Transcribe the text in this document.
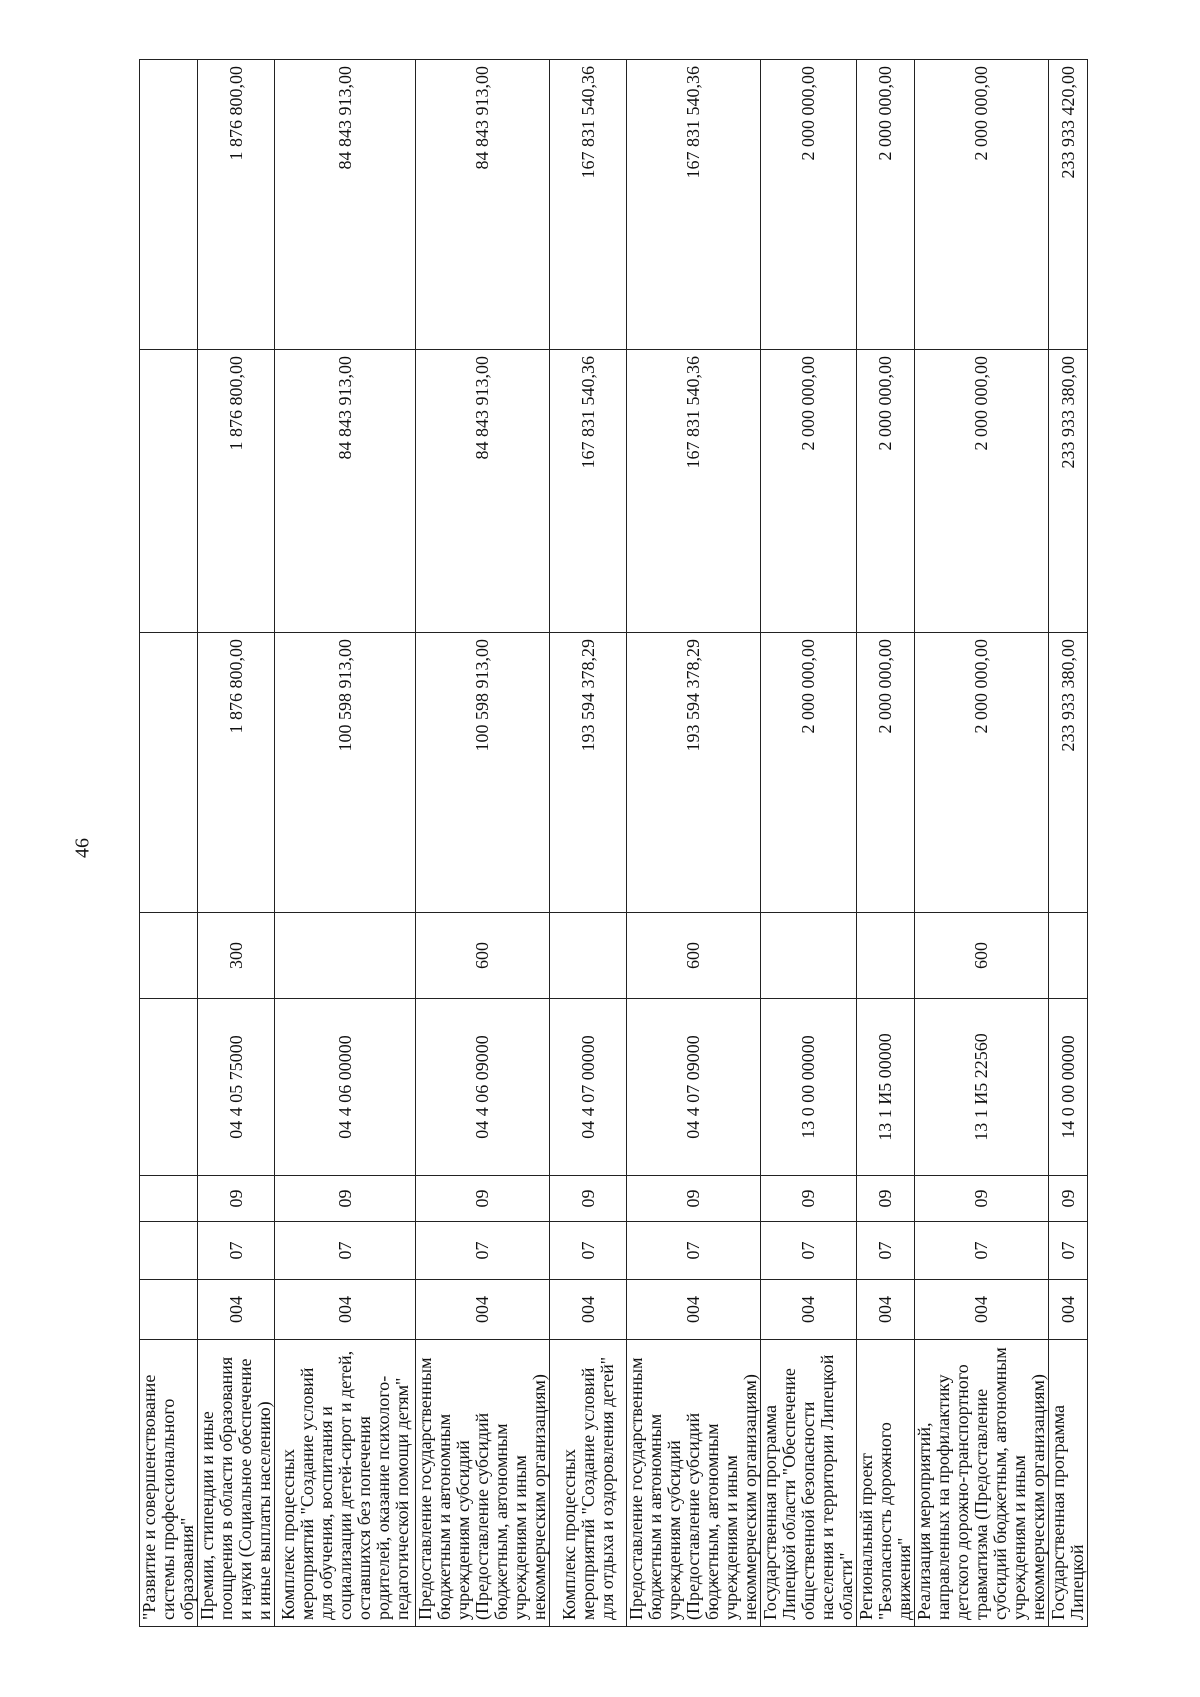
46
"Развитие и совершенствование системы профессионального образования"								
Премии, стипендии и иные поощрения в области образования и науки (Социальное обеспечение и иные выплаты населению)	004	07	09	04 4 05 75000	300	1 876 800,00	1 876 800,00	1 876 800,00
Комплекс процессных мероприятий "Создание условий для обучения, воспитания и социализации детей-сирот и детей, оставшихся без попечения родителей, оказание психолого-педагогической помощи детям"	004	07	09	04 4 06 00000		100 598 913,00	84 843 913,00	84 843 913,00
Предоставление государственным бюджетным и автономным учреждениям субсидий (Предоставление субсидий бюджетным, автономным учреждениям и иным некоммерческим организациям)	004	07	09	04 4 06 09000	600	100 598 913,00	84 843 913,00	84 843 913,00
Комплекс процессных мероприятий "Создание условий для отдыха и оздоровления детей"	004	07	09	04 4 07 00000		193 594 378,29	167 831 540,36	167 831 540,36
Предоставление государственным бюджетным и автономным учреждениям субсидий (Предоставление субсидий бюджетным, автономным учреждениям и иным некоммерческим организациям)	004	07	09	04 4 07 09000	600	193 594 378,29	167 831 540,36	167 831 540,36
Государственная программа Липецкой области "Обеспечение общественной безопасности населения и территории Липецкой области"	004	07	09	13 0 00 00000		2 000 000,00	2 000 000,00	2 000 000,00
Региональный проект "Безопасность дорожного движения"	004	07	09	13 1 И5 00000		2 000 000,00	2 000 000,00	2 000 000,00
Реализация мероприятий, направленных на профилактику детского дорожно-транспортного травматизма (Предоставление субсидий бюджетным, автономным учреждениям и иным некоммерческим организациям)	004	07	09	13 1 И5 22560	600	2 000 000,00	2 000 000,00	2 000 000,00
Государственная программа Липецкой	004	07	09	14 0 00 00000		233 933 380,00	233 933 380,00	233 933 420,00
